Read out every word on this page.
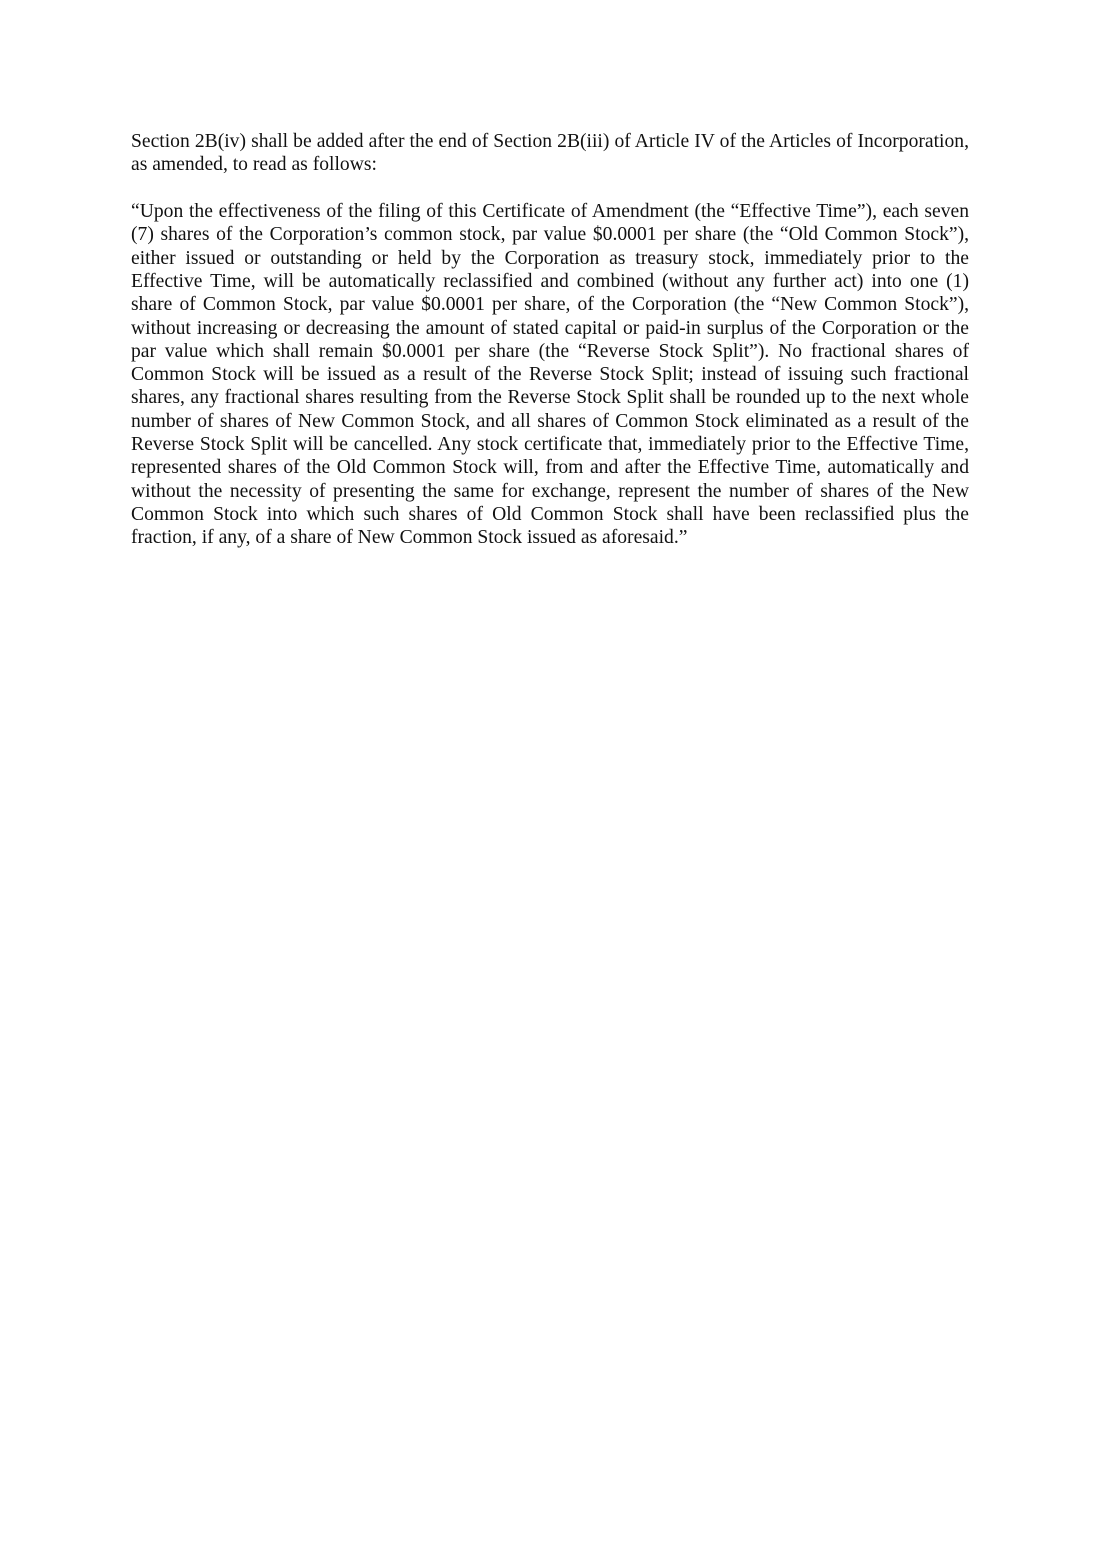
Section 2B(iv) shall be added after the end of Section 2B(iii) of Article IV of the Articles of Incorporation, as amended, to read as follows:

“Upon the effectiveness of the filing of this Certificate of Amendment (the “Effective Time”), each seven (7) shares of the Corporation’s common stock, par value $0.0001 per share (the “Old Common Stock”), either issued or outstanding or held by the Corporation as treasury stock, immediately prior to the Effective Time, will be automatically reclassified and combined (without any further act) into one (1) share of Common Stock, par value $0.0001 per share, of the Corporation (the “New Common Stock”), without increasing or decreasing the amount of stated capital or paid-in surplus of the Corporation or the par value which shall remain $0.0001 per share (the “Reverse Stock Split”). No fractional shares of Common Stock will be issued as a result of the Reverse Stock Split; instead of issuing such fractional shares, any fractional shares resulting from the Reverse Stock Split shall be rounded up to the next whole number of shares of New Common Stock, and all shares of Common Stock eliminated as a result of the Reverse Stock Split will be cancelled. Any stock certificate that, immediately prior to the Effective Time, represented shares of the Old Common Stock will, from and after the Effective Time, automatically and without the necessity of presenting the same for exchange, represent the number of shares of the New Common Stock into which such shares of Old Common Stock shall have been reclassified plus the fraction, if any, of a share of New Common Stock issued as aforesaid.”
